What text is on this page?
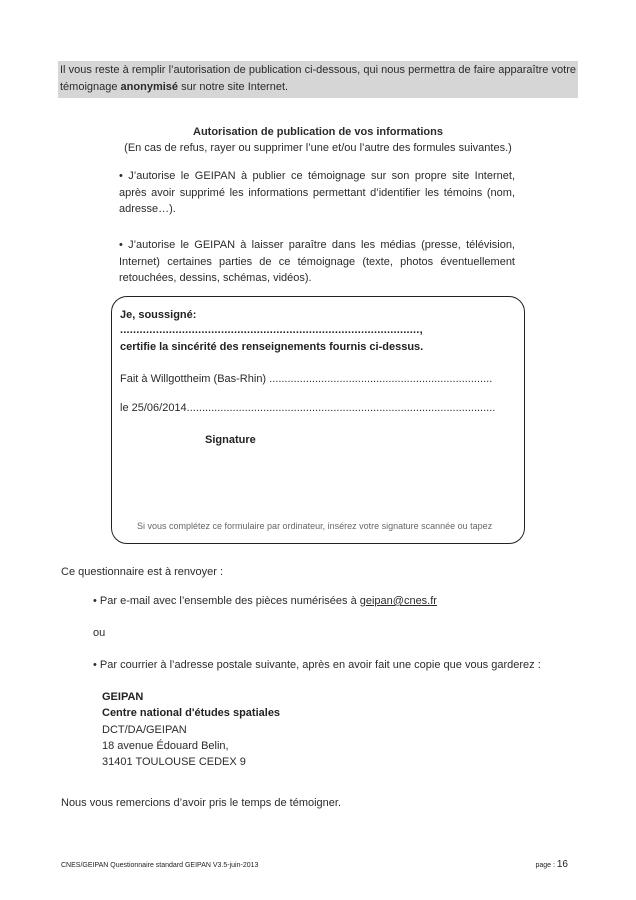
Il vous reste à remplir l’autorisation de publication ci-dessous, qui nous permettra de faire apparaître votre témoignage anonymisé sur notre site Internet.
Autorisation de publication de vos informations
(En cas de refus, rayer ou supprimer l’une et/ou l’autre des formules suivantes.)
• J’autorise le GEIPAN à publier ce témoignage sur son propre site Internet, après avoir supprimé les informations permettant d’identifier les témoins (nom, adresse…).
• J’autorise le GEIPAN à laisser paraître dans les médias (presse, télévision, Internet) certaines parties de ce témoignage (texte, photos éventuellement retouchées, dessins, schémas, vidéos).
Je, soussigné:
............................................................................................,
certifie la sincérité des renseignements fournis ci-dessus.
Fait à Willgottheim (Bas-Rhin) .........................................................................
le 25/06/2014.....................................................................................................
Signature
Si vous complétez ce formulaire par ordinateur, insérez votre signature scannée ou tapez
Ce questionnaire est à renvoyer :
• Par e-mail avec l’ensemble des pièces numérisées à geipan@cnes.fr
ou
• Par courrier à l’adresse postale suivante, après en avoir fait une copie que vous garderez :
GEIPAN
Centre national d'études spatiales
DCT/DA/GEIPAN
18 avenue Édouard Belin,
31401 TOULOUSE CEDEX 9
Nous vous remercions d’avoir pris le temps de témoigner.
CNES/GEIPAN Questionnaire standard GEIPAN V3.5-juin-2013	page : 16
